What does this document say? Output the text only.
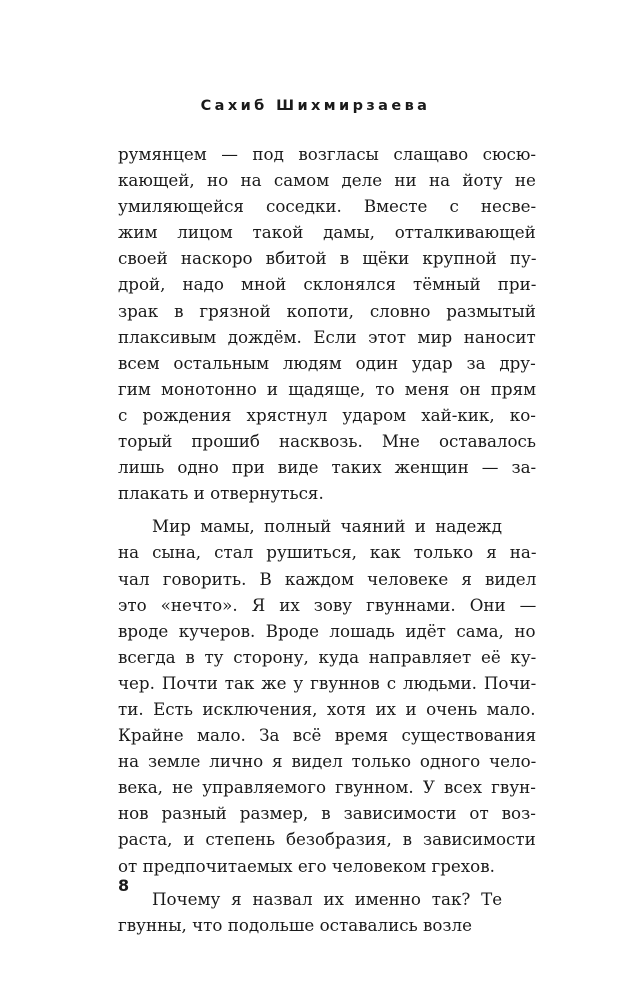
Сахиб Шихмирзаева
румянцем — под возгласы слащаво сюсю-
кающей, но на самом деле ни на йоту не
умиляющейся соседки. Вместе с несве-
жим лицом такой дамы, отталкивающей
своей наскоро вбитой в щёки крупной пу-
дрой, надо мной склонялся тёмный при-
зрак в грязной копоти, словно размытый
плаксивым дождём. Если этот мир наносит
всем остальным людям один удар за дру-
гим монотонно и щадяще, то меня он прям
с рождения хрястнул ударом хай-кик, ко-
торый прошиб насквозь. Мне оставалось
лишь одно при виде таких женщин — за-
плакать и отвернуться.
Мир мамы, полный чаяний и надежд
на сына, стал рушиться, как только я на-
чал говорить. В каждом человеке я видел
это «нечто». Я их зову гвуннами. Они —
вроде кучеров. Вроде лошадь идёт сама, но
всегда в ту сторону, куда направляет её ку-
чер. Почти так же у гвуннов с людьми. Почи-
ти. Есть исключения, хотя их и очень мало.
Крайне мало. За всё время существования
на земле лично я видел только одного чело-
века, не управляемого гвунном. У всех гвун-
нов разный размер, в зависимости от воз-
раста, и степень безобразия, в зависимости
от предпочитаемых его человеком грехов.
Почему я назвал их именно так? Те
гвунны, что подольше оставались возле
8
